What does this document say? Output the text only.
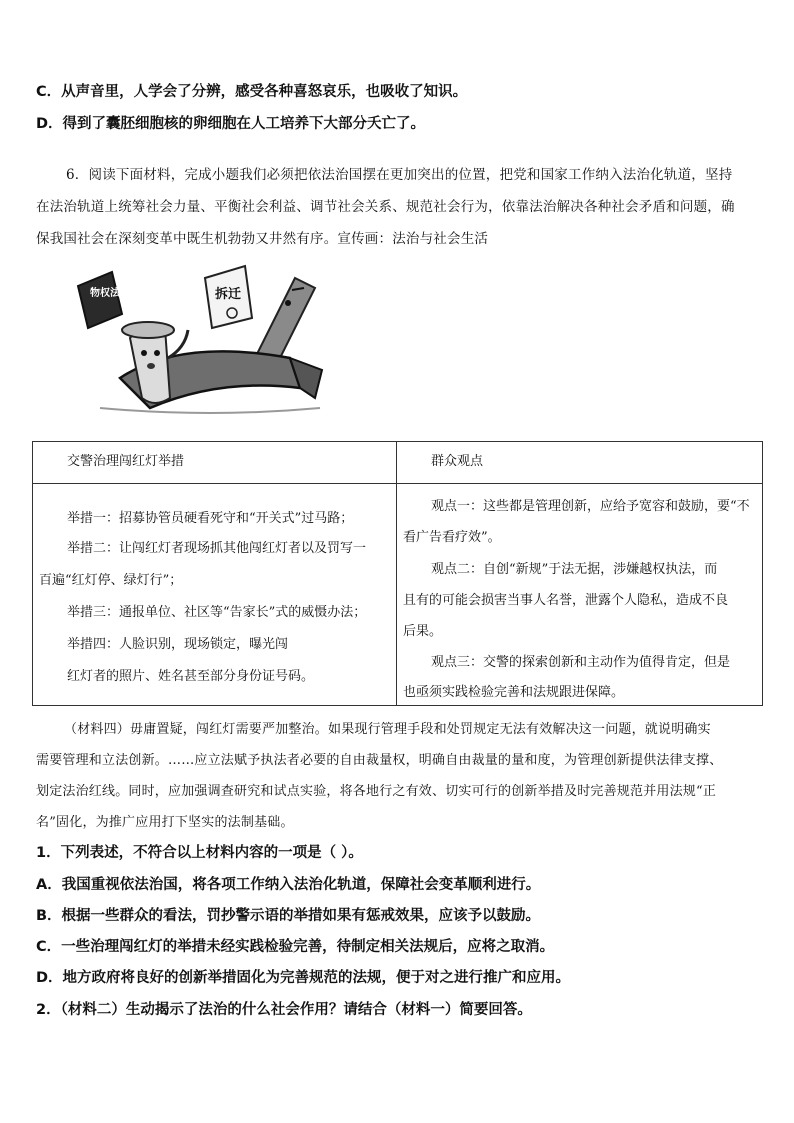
C．从声音里，人学会了分辨，感受各种喜怒哀乐，也吸收了知识。
D．得到了囊胚细胞核的卵细胞在人工培养下大部分夭亡了。
6．阅读下面材料，完成小题我们必须把依法治国摆在更加突出的位置，把党和国家工作纳入法治化轨道，坚持
在法治轨道上统筹社会力量、平衡社会利益、调节社会关系、规范社会行为，依靠法治解决各种社会矛盾和问题，确
保我国社会在深刻变革中既生机勃勃又井然有序。宣传画：法治与社会生活
物权法	拆迁
交警治理闯红灯举措	群众观点
举措一：招募协管员硬看死守和“开关式”过马路；
举措二：让闯红灯者现场抓其他闯红灯者以及罚写一
百遍“红灯停、绿灯行”；
举措三：通报单位、社区等“告家长”式的威慑办法；
举措四：人脸识别，现场锁定，曝光闯
红灯者的照片、姓名甚至部分身份证号码。
观点一：这些都是管理创新，应给予宽容和鼓励，要“不
看广告看疗效”。
观点二：自创“新规”于法无据，涉嫌越权执法，而
且有的可能会损害当事人名誉，泄露个人隐私，造成不良
后果。
观点三：交警的探索创新和主动作为值得肯定，但是
也亟须实践检验完善和法规跟进保障。
（材料四）毋庸置疑，闯红灯需要严加整治。如果现行管理手段和处罚规定无法有效解决这一问题，就说明确实
需要管理和立法创新。……应立法赋予执法者必要的自由裁量权，明确自由裁量的量和度，为管理创新提供法律支撑、
划定法治红线。同时，应加强调查研究和试点实验，将各地行之有效、切实可行的创新举措及时完善规范并用法规“正
名”固化，为推广应用打下坚实的法制基础。
1．下列表述，不符合以上材料内容的一项是（ ）。
A．我国重视依法治国，将各项工作纳入法治化轨道，保障社会变革顺利进行。
B．根据一些群众的看法，罚抄警示语的举措如果有惩戒效果，应该予以鼓励。
C．一些治理闯红灯的举措未经实践检验完善，待制定相关法规后，应将之取消。
D．地方政府将良好的创新举措固化为完善规范的法规，便于对之进行推广和应用。
2．（材料二）生动揭示了法治的什么社会作用？请结合（材料一）简要回答。
